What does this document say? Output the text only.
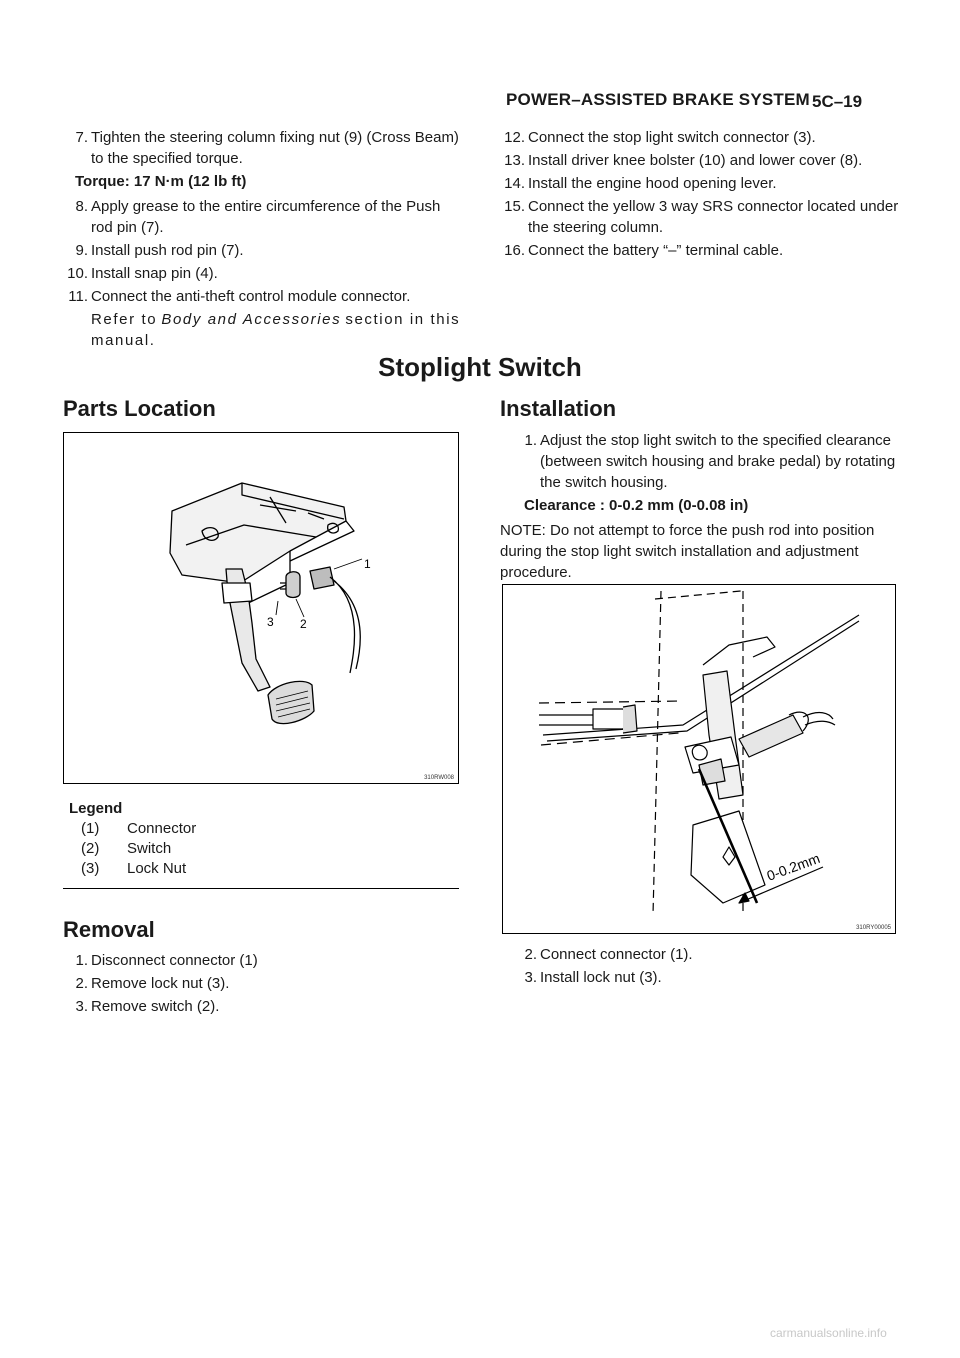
POWER–ASSISTED BRAKE SYSTEM 5C–19
7. Tighten the steering column fixing nut (9) (Cross Beam) to the specified torque.
Torque: 17 N·m (12 lb ft)
8. Apply grease to the entire circumference of the Push rod pin (7).
9. Install push rod pin (7).
10. Install snap pin (4).
11. Connect the anti-theft control module connector.
Refer to Body and Accessories section in this manual.
12. Connect the stop light switch connector (3).
13. Install driver knee bolster (10) and lower cover (8).
14. Install the engine hood opening lever.
15. Connect the yellow 3 way SRS connector located under the steering column.
16. Connect the battery “–” terminal cable.
Stoplight Switch
Parts Location
1
2
3
310RW008
Legend
(1) Connector
(2) Switch
(3) Lock Nut
Removal
1. Disconnect connector (1)
2. Remove lock nut (3).
3. Remove switch (2).
Installation
1. Adjust the stop light switch to the specified clearance (between switch housing and brake pedal) by rotating the switch housing.
Clearance : 0-0.2 mm (0-0.08 in)
NOTE: Do not attempt to force the push rod into position during the stop light switch installation and adjustment procedure.
0-0.2mm
310RY00005
2. Connect connector (1).
3. Install lock nut (3).
carmanualsonline.info
